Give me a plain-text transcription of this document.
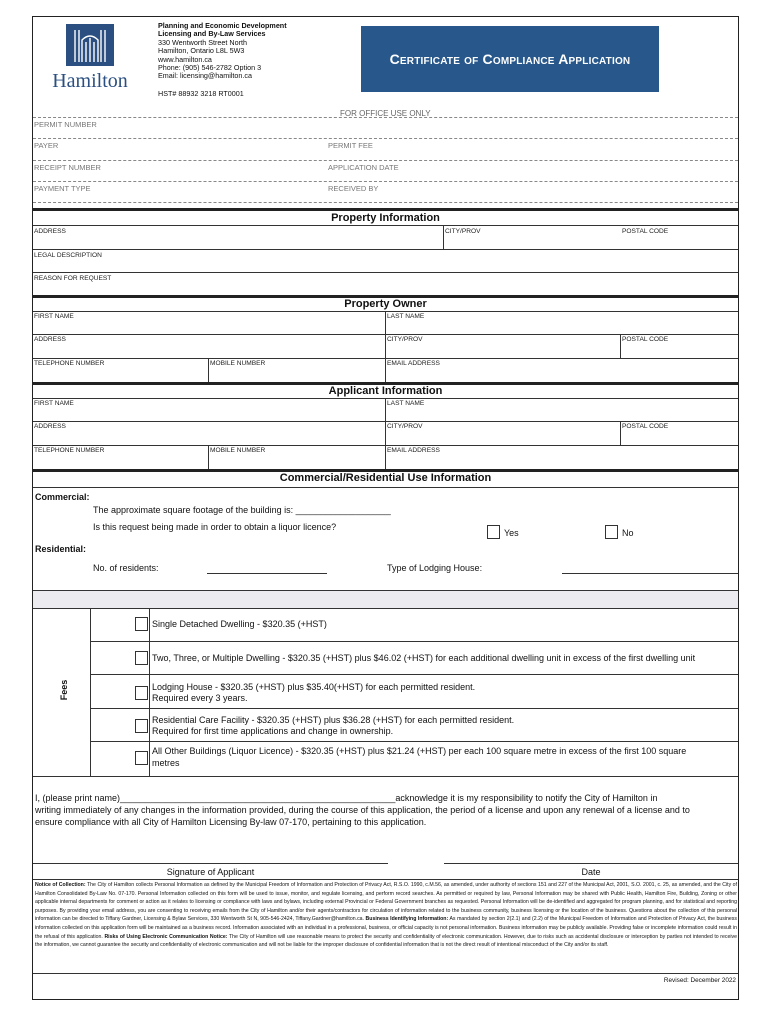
Hamilton
Planning and Economic Development
Licensing and By-Law Services
330 Wentworth Street North
Hamilton, Ontario L8L 5W3
www.hamilton.ca
Phone: (905) 546-2782 Option 3
Email: licensing@hamilton.ca
HST# 88932 3218 RT0001
Certificate of Compliance Application
FOR OFFICE USE ONLY
PERMIT NUMBER
PAYER	PERMIT FEE
RECEIPT NUMBER	APPLICATION DATE
PAYMENT TYPE	RECEIVED BY
Property Information
ADDRESS	CITY/PROV	POSTAL CODE
LEGAL DESCRIPTION
REASON FOR REQUEST
Property Owner
FIRST NAME	LAST NAME
ADDRESS	CITY/PROV	POSTAL CODE
TELEPHONE NUMBER	MOBILE NUMBER	EMAIL ADDRESS
Applicant Information
FIRST NAME	LAST NAME
ADDRESS	CITY/PROV	POSTAL CODE
TELEPHONE NUMBER	MOBILE NUMBER	EMAIL ADDRESS
Commercial/Residential Use Information
Commercial:
The approximate square footage of the building is: ___________________
Is this request being made in order to obtain a liquor licence?
Yes	No
Residential:
No. of residents:	Type of Lodging House:
Fees
Single Detached Dwelling - $320.35 (+HST)
Two, Three, or Multiple Dwelling - $320.35 (+HST) plus $46.02 (+HST) for each additional dwelling unit in excess of the first dwelling unit
Lodging House - $320.35 (+HST) plus $35.40(+HST) for each permitted resident.
Required every 3 years.
Residential Care Facility - $320.35 (+HST) plus $36.28 (+HST) for each permitted resident.
Required for first time applications and change in ownership.
All Other Buildings (Liquor Licence) - $320.35 (+HST) plus $21.24 (+HST) per each 100 square metre in excess of the first 100 square
metres
I, (please print name)_______________________________________________________acknowledge it is my responsibility to notify the City of Hamilton in
writing immediately of any changes in the information provided, during the course of this application, the period of a license and upon any renewal of a license and to
ensure compliance with all City of Hamilton Licensing By-law 07-170, pertaining to this application.
Signature of Applicant	Date
Notice of Collection: The City of Hamilton collects Personal Information as defined by the Municipal Freedom of Information and Protection of Privacy Act, R.S.O. 1990, c.M.56, as amended, under authority of sections 151 and 227 of the Municipal Act, 2001, S.O. 2001, c. 25, as amended, and the City of Hamilton Consolidated By-Law No. 07-170. Personal Information collected on this form will be used to issue, monitor, and regulate licensing, and perform record searches. As permitted or required by law, Personal Information may be shared with Public Health, Hamilton Fire, Building, Zoning or other applicable internal departments for comment or action as it relates to licensing or compliance with laws and bylaws, including external Provincial or Federal Government branches as requested. Personal Information will be de-identified and aggregated for program planning, and for statistical and reporting purposes. By providing your email address, you are consenting to receiving emails from the City of Hamilton and/or their agents/contractors for circulation of information related to the business community, business licensing or the location of the business. Questions about the collection of this personal information can be directed to Tiffany Gardner, Licensing & Bylaw Services, 330 Wentworth St N, 905-546-2424, Tiffany.Gardner@hamilton.ca. Business Identifying Information: As mandated by section 2(2.1) and (2.2) of the Municipal Freedom of Information and Protection of Privacy Act, the business information collected on this application form will be maintained as a business record. Information associated with an individual in a professional, business, or official capacity is not personal information. Business information may be publicly available. Providing false or incomplete information could result in the refusal of this application. Risks of Using Electronic Communication Notice: The City of Hamilton will use reasonable means to protect the security and confidentiality of electronic communication. However, due to risks such as accidental disclosure or interception by parties not intended to receive the information, we cannot guarantee the security and confidentiality of electronic communication and will not be liable for the improper disclosure of confidential information that is not the direct result of intentional misconduct of the City and/or its staff.
Revised: December 2022
